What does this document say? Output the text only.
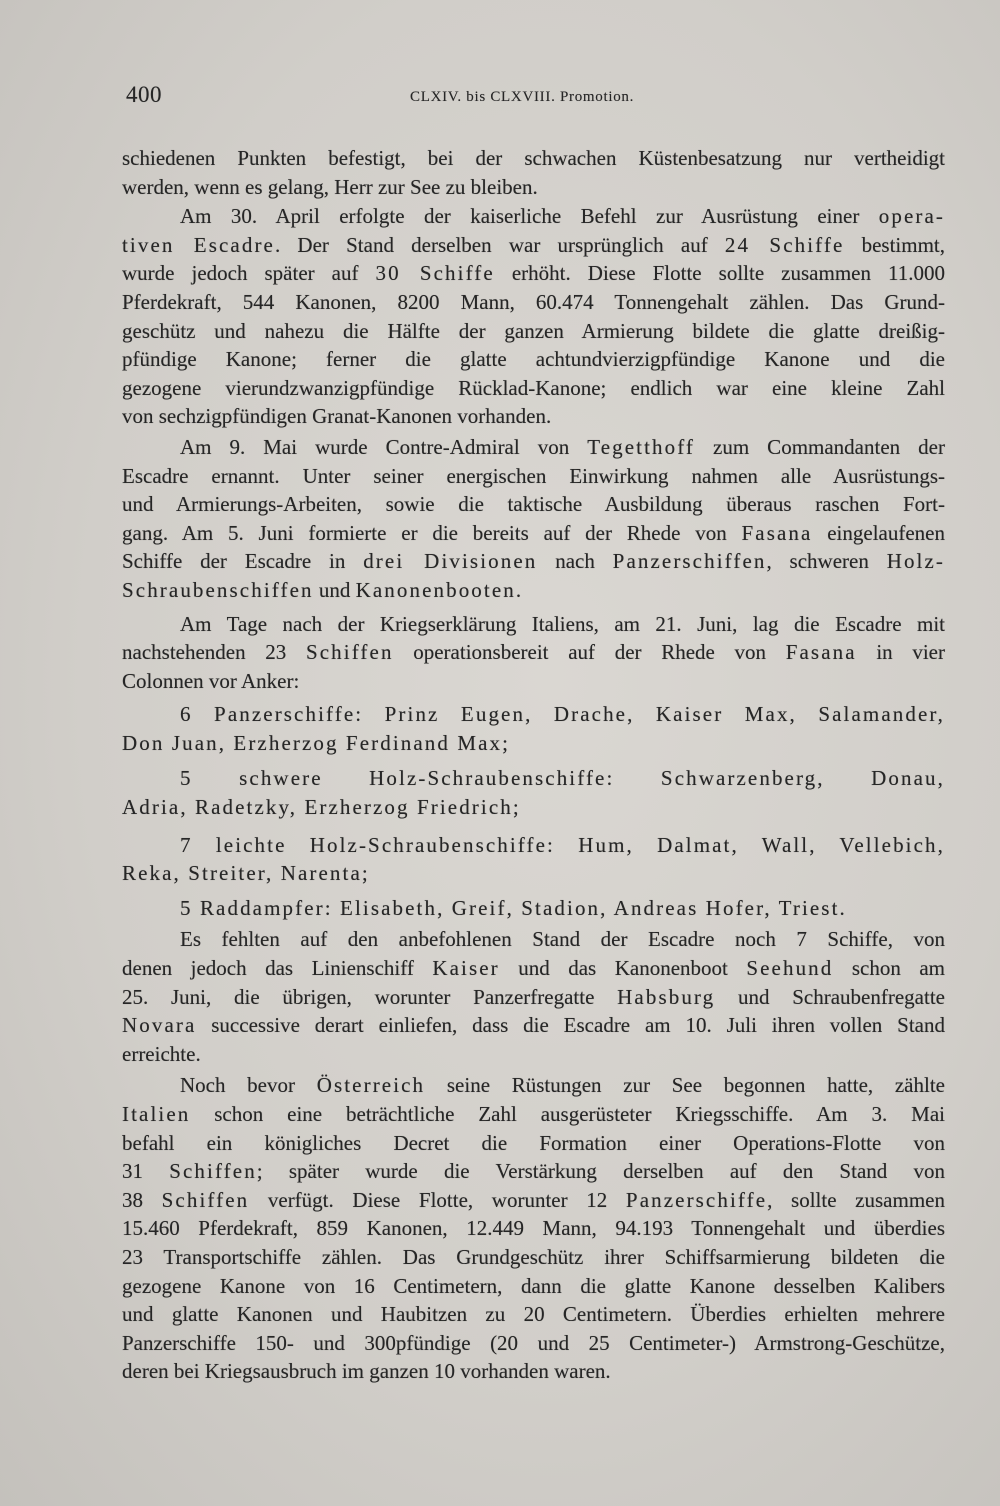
400	CLXIV. bis CLXVIII. Promotion.
schiedenen Punkten befestigt, bei der schwachen Küstenbesatzung nur vertheidigt
werden, wenn es gelang, Herr zur See zu bleiben.
Am 30. April erfolgte der kaiserliche Befehl zur Ausrüstung einer opera-
tiven Escadre. Der Stand derselben war ursprünglich auf 24 Schiffe bestimmt,
wurde jedoch später auf 30 Schiffe erhöht. Diese Flotte sollte zusammen 11.000
Pferdekraft, 544 Kanonen, 8200 Mann, 60.474 Tonnengehalt zählen. Das Grund-
geschütz und nahezu die Hälfte der ganzen Armierung bildete die glatte dreißig-
pfündige Kanone; ferner die glatte achtundvierzigpfündige Kanone und die
gezogene vierundzwanzigpfündige Rücklad-Kanone; endlich war eine kleine Zahl
von sechzigpfündigen Granat-Kanonen vorhanden.
Am 9. Mai wurde Contre-Admiral von Tegetthoff zum Commandanten der
Escadre ernannt. Unter seiner energischen Einwirkung nahmen alle Ausrüstungs-
und Armierungs-Arbeiten, sowie die taktische Ausbildung überaus raschen Fort-
gang. Am 5. Juni formierte er die bereits auf der Rhede von Fasana eingelaufenen
Schiffe der Escadre in drei Divisionen nach Panzerschiffen, schweren Holz-
Schraubenschiffen und Kanonenbooten.
Am Tage nach der Kriegserklärung Italiens, am 21. Juni, lag die Escadre mit
nachstehenden 23 Schiffen operationsbereit auf der Rhede von Fasana in vier
Colonnen vor Anker:
6 Panzerschiffe: Prinz Eugen, Drache, Kaiser Max, Salamander,
Don Juan, Erzherzog Ferdinand Max;
5 schwere Holz-Schraubenschiffe: Schwarzenberg, Donau,
Adria, Radetzky, Erzherzog Friedrich;
7 leichte Holz-Schraubenschiffe: Hum, Dalmat, Wall, Vellebich,
Reka, Streiter, Narenta;
5 Raddampfer: Elisabeth, Greif, Stadion, Andreas Hofer, Triest.
Es fehlten auf den anbefohlenen Stand der Escadre noch 7 Schiffe, von
denen jedoch das Linienschiff Kaiser und das Kanonenboot Seehund schon am
25. Juni, die übrigen, worunter Panzerfregatte Habsburg und Schraubenfregatte
Novara successive derart einliefen, dass die Escadre am 10. Juli ihren vollen Stand
erreichte.
Noch bevor Österreich seine Rüstungen zur See begonnen hatte, zählte
Italien schon eine beträchtliche Zahl ausgerüsteter Kriegsschiffe. Am 3. Mai
befahl ein königliches Decret die Formation einer Operations-Flotte von
31 Schiffen; später wurde die Verstärkung derselben auf den Stand von
38 Schiffen verfügt. Diese Flotte, worunter 12 Panzerschiffe, sollte zusammen
15.460 Pferdekraft, 859 Kanonen, 12.449 Mann, 94.193 Tonnengehalt und überdies
23 Transportschiffe zählen. Das Grundgeschütz ihrer Schiffsarmierung bildeten die
gezogene Kanone von 16 Centimetern, dann die glatte Kanone desselben Kalibers
und glatte Kanonen und Haubitzen zu 20 Centimetern. Überdies erhielten mehrere
Panzerschiffe 150- und 300pfündige (20 und 25 Centimeter-) Armstrong-Geschütze,
deren bei Kriegsausbruch im ganzen 10 vorhanden waren.
